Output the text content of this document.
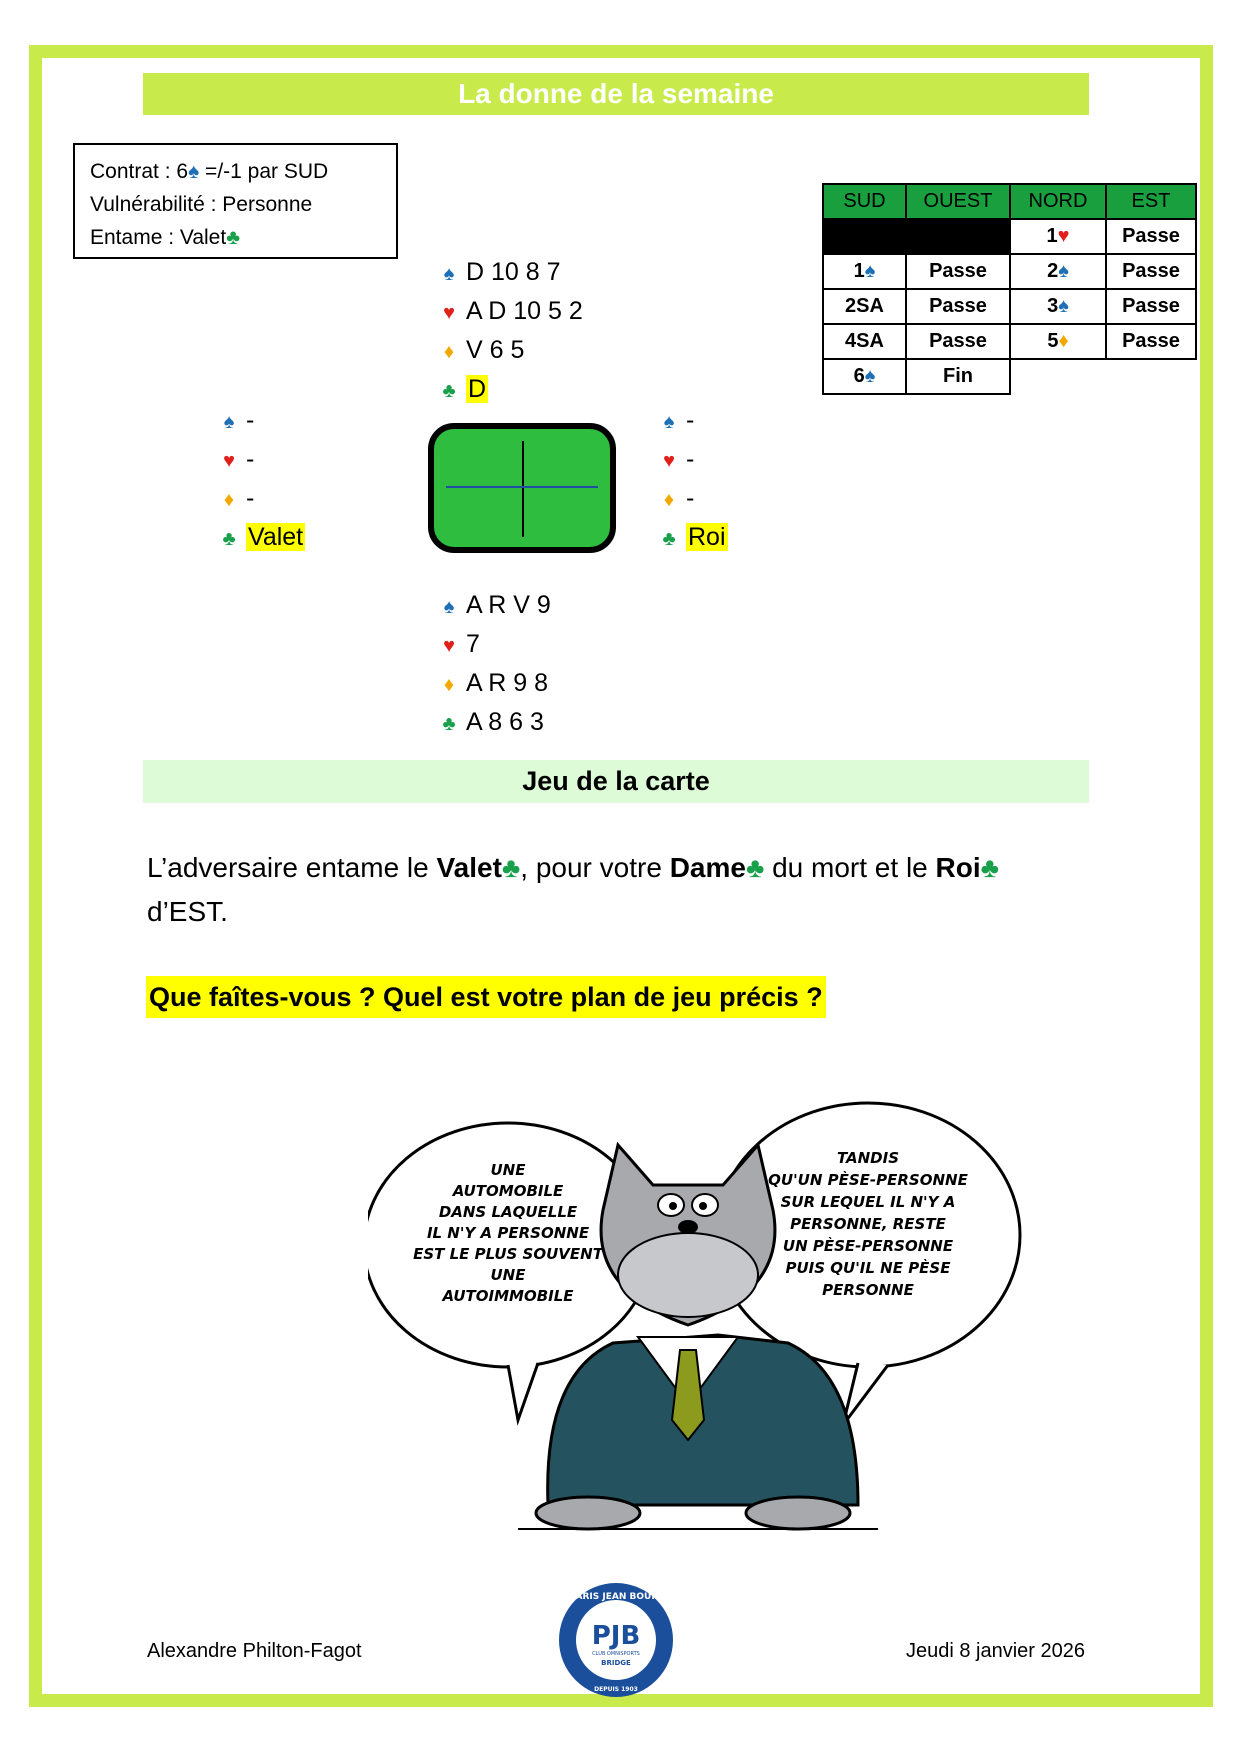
La donne de la semaine
Contrat : 6♠ =/-1 par SUD
Vulnérabilité : Personne
Entame : Valet♣
♠ D 10 8 7
♥ A D 10 5 2
♦ V 6 5
♣ D
♠ -
♥ -
♦ -
♣ Valet
♠ -
♥ -
♦ -
♣ Roi
♠ A R V 9
♥ 7
♦ A R 9 8
♣ A 8 6 3
SUD	OUEST	NORD	EST
		1♥	Passe
1♠	Passe	2♠	Passe
2SA	Passe	3♠	Passe
4SA	Passe	5♦	Passe
6♠	Fin		
Jeu de la carte
L’adversaire entame le Valet♣, pour votre Dame♣ du mort et le Roi♣
d’EST.
Que faîtes-vous ? Quel est votre plan de jeu précis ?
UNE
AUTOMOBILE
DANS LAQUELLE
IL N'Y A PERSONNE
EST LE PLUS SOUVENT
UNE
AUTOIMMOBILE
TANDIS
QU'UN PÈSE-PERSONNE
SUR LEQUEL IL N'Y A
PERSONNE, RESTE
UN PÈSE-PERSONNE
PUIS QU'IL NE PÈSE
PERSONNE
PARIS JEAN BOUIN
PJB
CLUB OMNISPORTS
BRIDGE
DEPUIS 1903
Alexandre Philton-Fagot	Jeudi 8 janvier 2026
